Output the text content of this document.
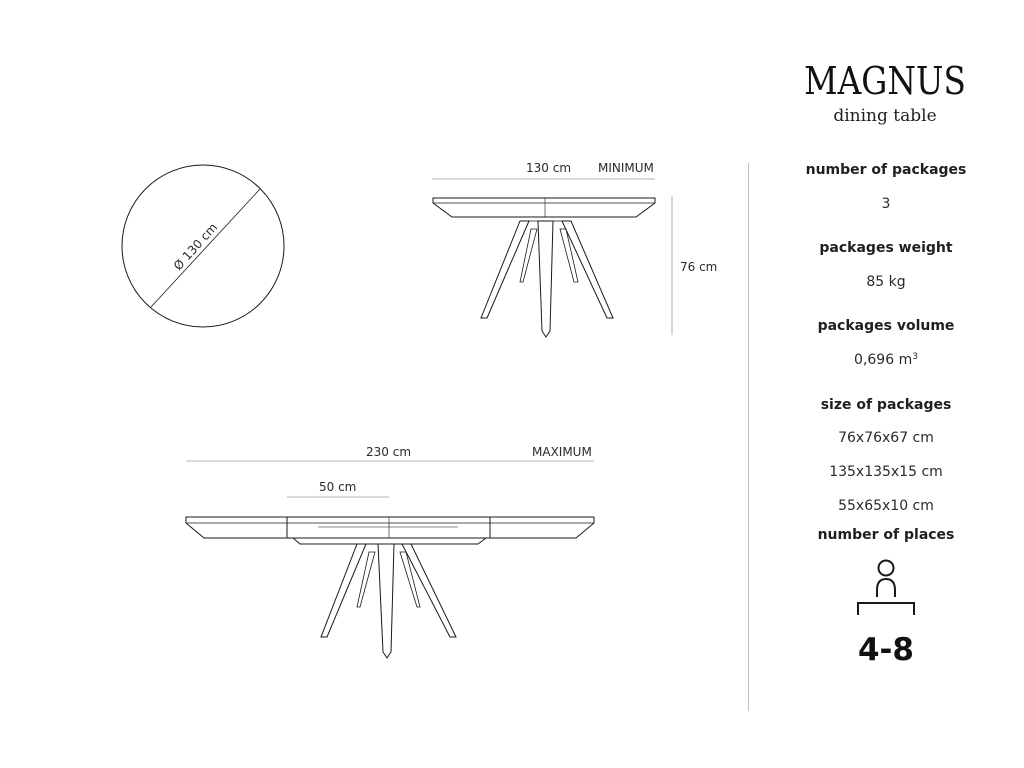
Ø 130 cm
130 cm MINIMUM
76 cm
230 cm	MAXIMUM
50 cm
MAGNUS
dining table
number of packages
3
packages weight
85 kg
packages volume
0,696 $m^3$
size of packages
76x76x67 cm
135x135x15 cm
55x65x10 cm
number of places
4-8
